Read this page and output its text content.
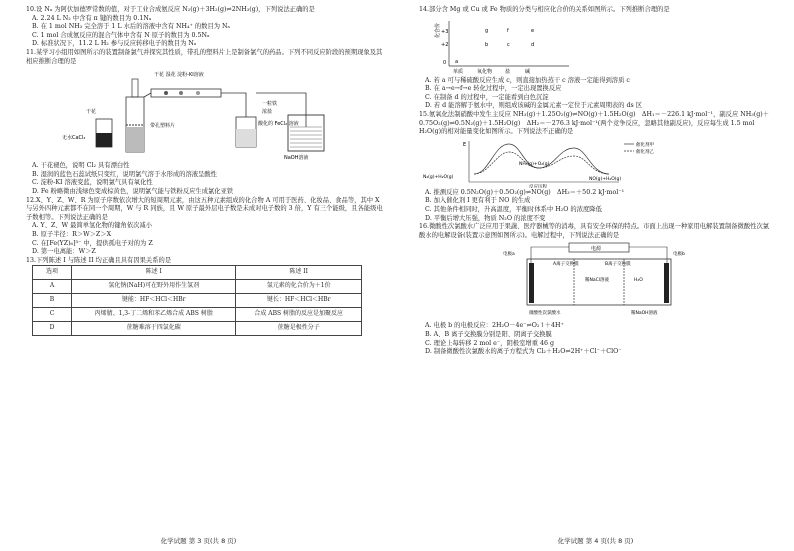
10.设 Nₐ 为阿伏加德罗常数的值，对于工业合成氨反应 N₂(g)＋3H₂(g)⇌2NH₃(g)，下列说法正确的是

A. 2.24 L N₂ 中含有 π 键的数目为 0.1Nₐ

B. 在 1 mol NH₃ 完全溶于 1 L 水后的溶液中含有 NH₄⁺ 的数目为 Nₐ

C. 1 mol 合成氨反应的混合气体中含有 N 原子的数目为 0.5Nₐ

D. 标准状况下，11.2 L H₂ 参与反应转移电子的数目为 Nₐ

11.某学习小组用如图所示的装置制备氯气并探究其性质，带孔的塑料片上是制备氯气的药品。下列不同反应阶段的预期现象及其相应推断合理的是

干花 湿花 淀粉-KI溶液
干花
无水CaCl₂
带孔塑料片
一粒铁
浓盐
NaOH溶液
酸化的 FeCl₂ 溶液

A. 干花褪色，说明 Cl₂ 具有漂白性

B. 湿润的蓝色石蕊试纸只变红，说明氯气溶于水形成的溶液呈酸性

C. 淀粉-KI 溶液变蓝，说明氯气具有氧化性

D. Fe 粉略微由浅绿色变成棕黄色，说明氯气能与铁粉反应生成氯化亚铁

12.X、Y、Z、W、R 为原子序数依次增大的短周期元素，由这五种元素组成的化合物 A 可用于医药、化妆品、食品等，其中 X 与另外四种元素都不在同一个周期，W 与 R 同族，且 W 原子最外层电子数是未成对电子数的 3 倍，Y 有三个能级，且各能级电子数相等。下列说法正确的是

A. Y、Z、W 最简单氢化物的键角依次减小

B. 原子半径：R＞W＞Z＞X

C. 在[Fe(YZ)₆]³⁻ 中，提供孤电子对的为 Z

D. 第一电离能：W＞Z

13.下列陈述 I 与陈述 II 均正确且具有因果关系的是

选项	陈述 I	陈述 II
A	氢化钠(NaH)可在野外用作生氢剂	氢元素的化合价为＋1价
B	键能：HF＜HCl＜HBr	键长：HF＜HCl＜HBr
C	丙烯腈、1,3-丁二烯和苯乙烯合成 ABS 树脂	合成 ABS 树脂的反应是加聚反应
D	蔗糖难溶于四氯化碳	蔗糖是极性分子
化学试题 第 3 页(共 8 页)

14.部分含 Mg 或 Cu 或 Fe 物质的分类与相应化合价的关系如图所示。下列推断合理的是

化合价 +3
+2
0
单质	氧化物	盐	碱
a
g	f	e
b	c	d

A. 若 a 可与稀硫酸反应生成 c，则直接加热蒸干 c 溶液一定能得到溶质 c

B. 在 a→e→f→e 转化过程中，一定出现置换反应

C. 在制备 d 的过程中，一定能看到白色沉淀

D. 若 d 能溶解于氨水中，则组成该碱的金属元素一定位于元素周期表的 ds 区

15.氨氧化法制硝酸中发生主反应 NH₃(g)＋1.25O₂(g)⇌NO(g)＋1.5H₂O(g)　ΔH₁＝－226.1 kJ·mol⁻¹，副反应 NH₃(g)＋0.75O₂(g)⇌0.5N₂(g)＋1.5H₂O(g)　ΔH₂＝－276.3 kJ·mol⁻¹(两个竞争反应，忽略其他副反应)，反应每生成 1.5 mol H₂O(g)的相对能量变化如图所示。下列说法不正确的是

E	催化剂甲
催化剂乙
N₂(g)+H₂O(g)
NH₃(g)+O₂(g)
NO(g)+H₂O(g)
反应历程

A. 推测反应 0.5N₂O(g)＋0.5O₂(g)⇌NO(g)　ΔH₃＝＋50.2 kJ·mol⁻¹

B. 加入催化剂 I 更有利于 NO 的生成

C. 其他条件相同时，升高温度，平衡时体系中 H₂O 的浓度降低

D. 平衡后增大压强，物质 N₂O 的浓度不变

16.微酸性次氯酸水广泛应用于果蔬、医疗器械等的消毒，具有安全环保的特点。市面上出现一种家用电解装置制备微酸性次氯酸水的电解设备(装置示意图如图所示)。电解过程中，下列说法正确的是

电源
电极a	电极b
A离子交换膜	B离子交换膜
稀NaCl溶液	H₂O
微酸性次氯酸水	稀NaOH溶液

A. 电极 b 的电极反应：2H₂O－4e⁻⇌O₂↑＋4H⁺

B. A、B 离子交换膜分别是阳、阴离子交换膜

C. 理论上每转移 2 mol e⁻，阴极室增重 46 g

D. 制备微酸性次氯酸水的离子方程式为 Cl₂＋H₂O⇌2H⁺＋Cl⁻＋ClO⁻

化学试题 第 4 页(共 8 页)
